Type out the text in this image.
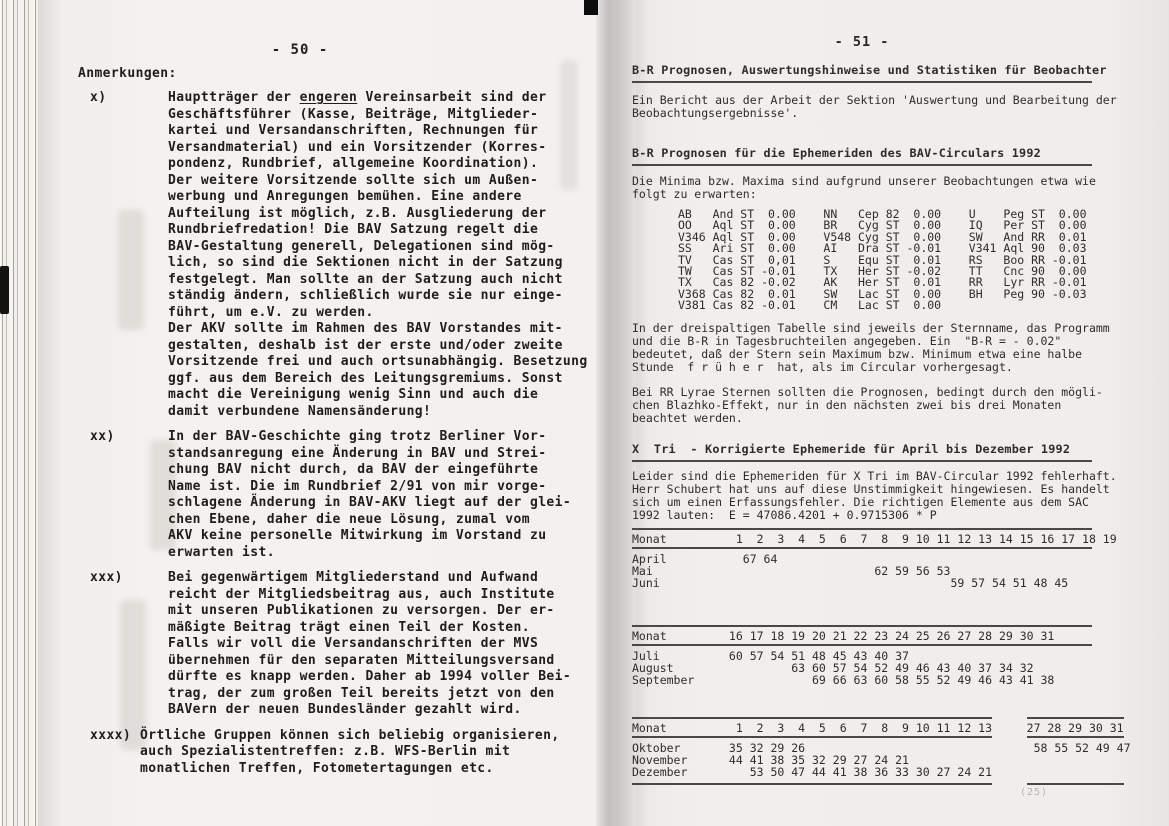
- 50 -
Anmerkungen:
x)	Hauptträger der engeren Vereinsarbeit sind der
Geschäftsführer (Kasse, Beiträge, Mitglieder-
kartei und Versandanschriften, Rechnungen für
Versandmaterial) und ein Vorsitzender (Korres-
pondenz, Rundbrief, allgemeine Koordination).
Der weitere Vorsitzende sollte sich um Außen-
werbung und Anregungen bemühen. Eine andere
Aufteilung ist möglich, z.B. Ausgliederung der
Rundbriefredation! Die BAV Satzung regelt die
BAV-Gestaltung generell, Delegationen sind mög-
lich, so sind die Sektionen nicht in der Satzung
festgelegt. Man sollte an der Satzung auch nicht
ständig ändern, schließlich wurde sie nur einge-
führt, um e.V. zu werden.
Der AKV sollte im Rahmen des BAV Vorstandes mit-
gestalten, deshalb ist der erste und/oder zweite
Vorsitzende frei und auch ortsunabhängig. Besetzung
ggf. aus dem Bereich des Leitungsgremiums. Sonst
macht die Vereinigung wenig Sinn und auch die
damit verbundene Namensänderung!
xx)	In der BAV-Geschichte ging trotz Berliner Vor-
standsanregung eine Änderung in BAV und Strei-
chung BAV nicht durch, da BAV der eingeführte
Name ist. Die im Rundbrief 2/91 von mir vorge-
schlagene Änderung in BAV-AKV liegt auf der glei-
chen Ebene, daher die neue Lösung, zumal vom
AKV keine personelle Mitwirkung im Vorstand zu
erwarten ist.
xxx)	Bei gegenwärtigem Mitgliederstand und Aufwand
reicht der Mitgliedsbeitrag aus, auch Institute
mit unseren Publikationen zu versorgen. Der er-
mäßigte Beitrag trägt einen Teil der Kosten.
Falls wir voll die Versandanschriften der MVS
übernehmen für den separaten Mitteilungsversand
dürfte es knapp werden. Daher ab 1994 voller Bei-
trag, der zum großen Teil bereits jetzt von den
BAVern der neuen Bundesländer gezahlt wird.
xxxx) Örtliche Gruppen können sich beliebig organisieren,
auch Spezialistentreffen: z.B. WFS-Berlin mit
monatlichen Treffen, Fotometertagungen etc.
- 51 -
B-R Prognosen, Auswertungshinweise und Statistiken für Beobachter
Ein Bericht aus der Arbeit der Sektion 'Auswertung und Bearbeitung der
Beobachtungsergebnisse'.
B-R Prognosen für die Ephemeriden des BAV-Circulars 1992
Die Minima bzw. Maxima sind aufgrund unserer Beobachtungen etwa wie
folgt zu erwarten:
AB   And ST  0.00    NN   Cep 82  0.00    U    Peg ST  0.00
OO   Aql ST  0.00    BR   Cyg ST  0.00    IQ   Per ST  0.00
V346 Aql ST  0.00    V548 Cyg ST  0.00    SW   And RR  0.01
SS   Ari ST  0.00    AI   Dra ST -0.01    V341 Aql 90  0.03
TV   Cas ST  0,01    S    Equ ST  0.01    RS   Boo RR -0.01
TW   Cas ST -0.01    TX   Her ST -0.02    TT   Cnc 90  0.00
TX   Cas 82 -0.02    AK   Her ST  0.01    RR   Lyr RR -0.01
V368 Cas 82  0.01    SW   Lac ST  0.00    BH   Peg 90 -0.03
V381 Cas 82 -0.01    CM   Lac ST  0.00
In der dreispaltigen Tabelle sind jeweils der Sternname, das Programm
und die B-R in Tagesbruchteilen angegeben. Ein  "B-R = - 0.02"
bedeutet, daß der Stern sein Maximum bzw. Minimum etwa eine halbe
Stunde  f r ü h e r  hat, als im Circular vorhergesagt.
Bei RR Lyrae Sternen sollten die Prognosen, bedingt durch den mögli-
chen Blazhko-Effekt, nur in den nächsten zwei bis drei Monaten
beachtet werden.
X  Tri  - Korrigierte Ephemeride für April bis Dezember 1992
Leider sind die Ephemeriden für X Tri im BAV-Circular 1992 fehlerhaft.
Herr Schubert hat uns auf diese Unstimmigkeit hingewiesen. Es handelt
sich um einen Erfassungsfehler. Die richtigen Elemente aus dem SAC
1992 lauten:  E = 47086.4201 + 0.9715306 * P
Monat          1  2  3  4  5  6  7  8  9 10 11 12 13 14 15 16 17 18 19
April           67 64
Mai                                62 59 56 53
Juni                                          59 57 54 51 48 45
Monat         16 17 18 19 20 21 22 23 24 25 26 27 28 29 30 31
Juli          60 57 54 51 48 45 43 40 37
August                 63 60 57 54 52 49 46 43 40 37 34 32
September                 69 66 63 60 58 55 52 49 46 43 41 38
Monat          1  2  3  4  5  6  7  8  9 10 11 12 13     27 28 29 30 31
Oktober       35 32 29 26                                 58 55 52 49 47
November      44 41 38 35 32 29 27 24 21
Dezember         53 50 47 44 41 38 36 33 30 27 24 21
(25)
